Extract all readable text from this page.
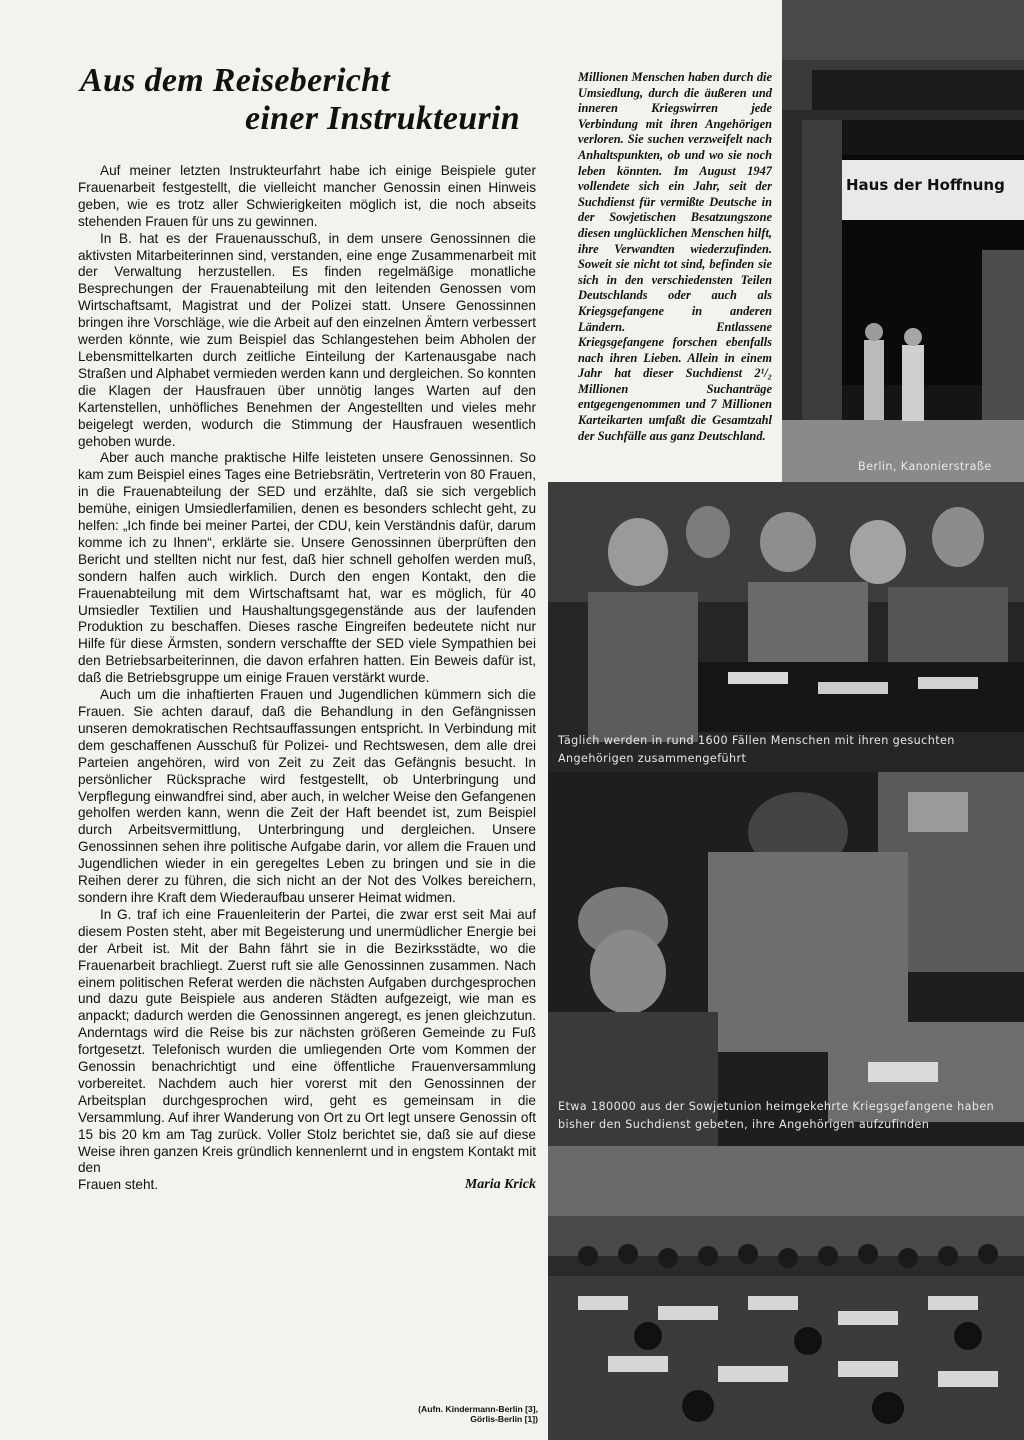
Aus dem Reisebericht
einer Instrukteurin

Auf meiner letzten Instrukteurfahrt habe ich einige Beispiele guter Frauenarbeit festgestellt, die vielleicht mancher Genossin einen Hinweis geben, wie es trotz aller Schwierigkeiten möglich ist, die noch abseits stehenden Frauen für uns zu gewinnen.

In B. hat es der Frauenausschuß, in dem unsere Genossinnen die aktivsten Mitarbeiterinnen sind, verstanden, eine enge Zusammenarbeit mit der Verwaltung herzustellen. Es finden regelmäßige monatliche Besprechungen der Frauenabteilung mit den leitenden Genossen vom Wirtschaftsamt, Magistrat und der Polizei statt. Unsere Genossinnen bringen ihre Vorschläge, wie die Arbeit auf den einzelnen Ämtern verbessert werden könnte, wie zum Beispiel das Schlangestehen beim Abholen der Lebensmittelkarten durch zeitliche Einteilung der Kartenausgabe nach Straßen und Alphabet vermieden werden kann und dergleichen. So konnten die Klagen der Hausfrauen über unnötig langes Warten auf den Kartenstellen, unhöfliches Benehmen der Angestellten und vieles mehr beigelegt werden, wodurch die Stimmung der Hausfrauen wesentlich gehoben wurde.

Aber auch manche praktische Hilfe leisteten unsere Genossinnen. So kam zum Beispiel eines Tages eine Betriebsrätin, Vertreterin von 80 Frauen, in die Frauenabteilung der SED und erzählte, daß sie sich vergeblich bemühe, einigen Umsiedlerfamilien, denen es besonders schlecht geht, zu helfen: „Ich finde bei meiner Partei, der CDU, kein Verständnis dafür, darum komme ich zu Ihnen“, erklärte sie. Unsere Genossinnen überprüften den Bericht und stellten nicht nur fest, daß hier schnell geholfen werden muß, sondern halfen auch wirklich. Durch den engen Kontakt, den die Frauenabteilung mit dem Wirtschaftsamt hat, war es möglich, für 40 Umsiedler Textilien und Haushaltungsgegenstände aus der laufenden Produktion zu beschaffen. Dieses rasche Eingreifen bedeutete nicht nur Hilfe für diese Ärmsten, sondern verschaffte der SED viele Sympathien bei den Betriebsarbeiterinnen, die davon erfahren hatten. Ein Beweis dafür ist, daß die Betriebsgruppe um einige Frauen verstärkt wurde.

Auch um die inhaftierten Frauen und Jugendlichen kümmern sich die Frauen. Sie achten darauf, daß die Behandlung in den Gefängnissen unseren demokratischen Rechtsauffassungen entspricht. In Verbindung mit dem geschaffenen Ausschuß für Polizei- und Rechtswesen, dem alle drei Parteien angehören, wird von Zeit zu Zeit das Gefängnis besucht. In persönlicher Rücksprache wird festgestellt, ob Unterbringung und Verpflegung einwandfrei sind, aber auch, in welcher Weise den Gefangenen geholfen werden kann, wenn die Zeit der Haft beendet ist, zum Beispiel durch Arbeitsvermittlung, Unterbringung und dergleichen. Unsere Genossinnen sehen ihre politische Aufgabe darin, vor allem die Frauen und Jugendlichen wieder in ein geregeltes Leben zu bringen und sie in die Reihen derer zu führen, die sich nicht an der Not des Volkes bereichern, sondern ihre Kraft dem Wiederaufbau unserer Heimat widmen.

In G. traf ich eine Frauenleiterin der Partei, die zwar erst seit Mai auf diesem Posten steht, aber mit Begeisterung und unermüdlicher Energie bei der Arbeit ist. Mit der Bahn fährt sie in die Bezirksstädte, wo die Frauenarbeit brachliegt. Zuerst ruft sie alle Genossinnen zusammen. Nach einem politischen Referat werden die nächsten Aufgaben durchgesprochen und dazu gute Beispiele aus anderen Städten aufgezeigt, wie man es anpackt; dadurch werden die Genossinnen angeregt, es jenen gleichzutun. Anderntags wird die Reise bis zur nächsten größeren Gemeinde zu Fuß fortgesetzt. Telefonisch wurden die umliegenden Orte vom Kommen der Genossin benachrichtigt und eine öffentliche Frauenversammlung vorbereitet. Nachdem auch hier vorerst mit den Genossinnen der Arbeitsplan durchgesprochen wird, geht es gemeinsam in die Versammlung. Auf ihrer Wanderung von Ort zu Ort legt unsere Genossin oft 15 bis 20 km am Tag zurück. Voller Stolz berichtet sie, daß sie auf diese Weise ihren ganzen Kreis gründlich kennenlernt und in engstem Kontakt mit den

Frauen steht.	Maria Krick
Millionen Menschen haben durch die Umsiedlung, durch die äußeren und inneren Kriegswirren jede Verbindung mit ihren Angehörigen verloren. Sie suchen verzweifelt nach Anhaltspunkten, ob und wo sie noch leben könnten. Im August 1947 vollendete sich ein Jahr, seit der Suchdienst für vermißte Deutsche in der Sowjetischen Besatzungszone diesen unglücklichen Menschen hilft, ihre Verwandten wiederzufinden. Soweit sie nicht tot sind, befinden sie sich in den verschiedensten Teilen Deutschlands oder auch als Kriegsgefangene in anderen Ländern. Entlassene Kriegsgefangene forschen ebenfalls nach ihren Lieben. Allein in einem Jahr hat dieser Suchdienst 2¹/₂ Millionen Suchanträge entgegengenommen und 7 Millionen Karteikarten umfaßt die Gesamtzahl der Suchfälle aus ganz Deutschland.
Haus der Hoffnung
Berlin, Kanonierstraße
Täglich werden in rund 1600 Fällen Menschen mit ihren gesuchten Angehörigen zusammengeführt
Etwa 180000 aus der Sowjetunion heimgekehrte Kriegsgefangene haben bisher den Suchdienst gebeten, ihre Angehörigen aufzufinden
(Aufn. Kindermann-Berlin [3],
Görlis-Berlin [1])
